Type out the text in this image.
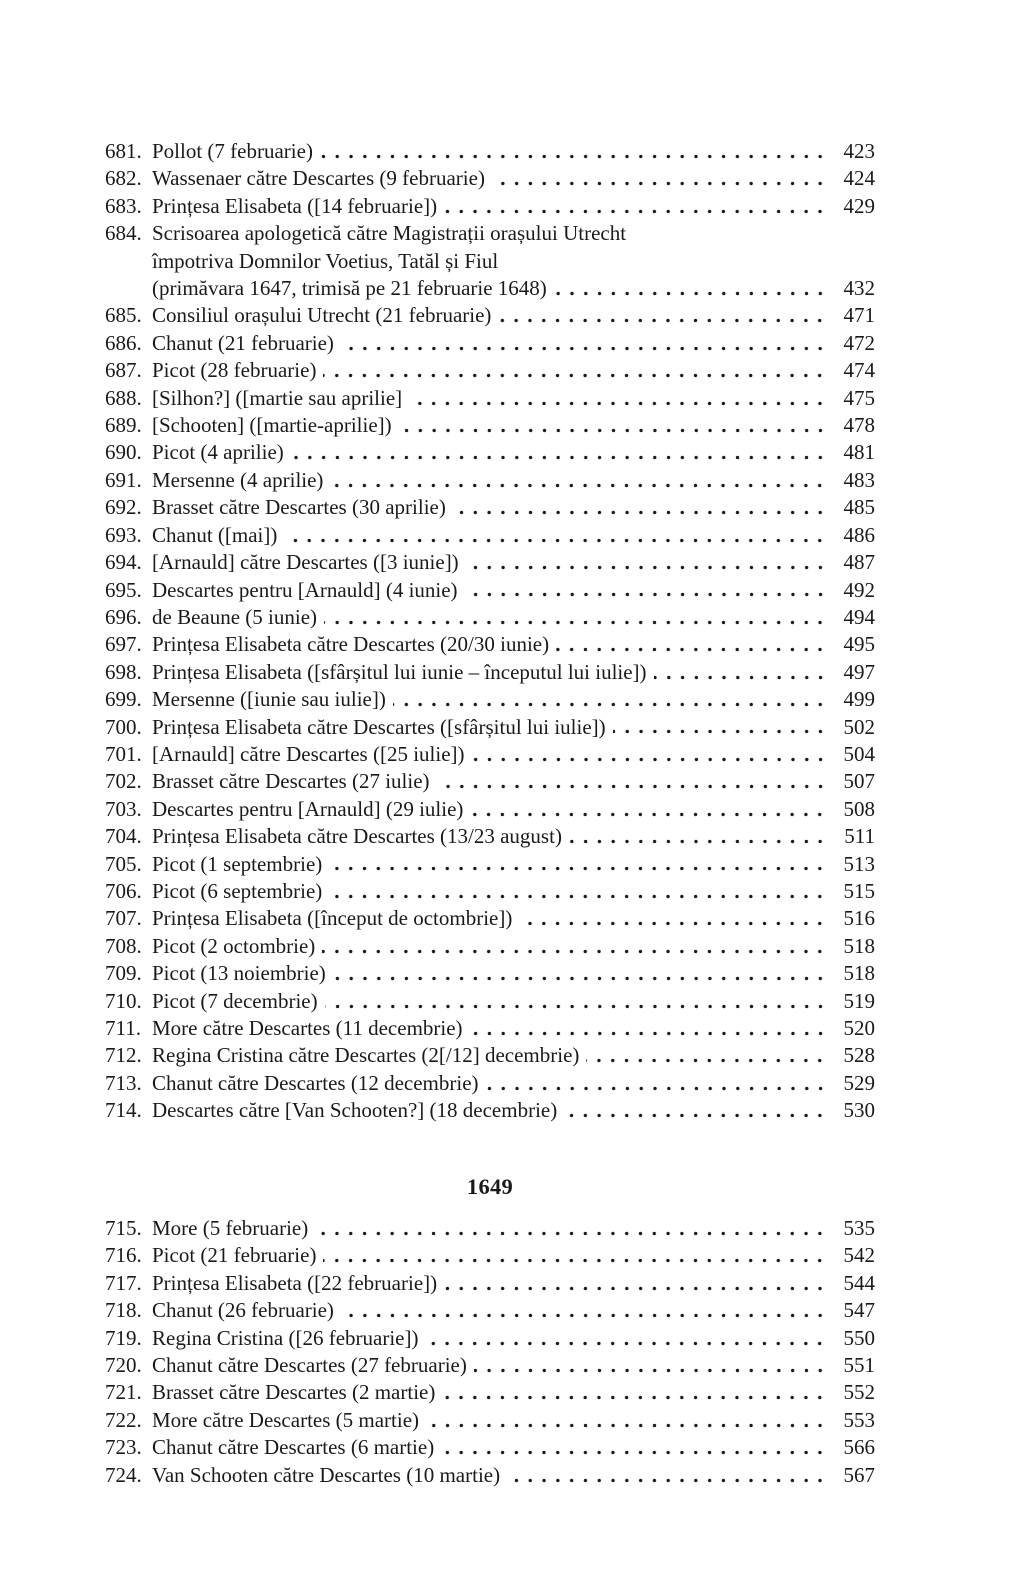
681. Pollot (7 februarie)	423
682. Wassenaer către Descartes (9 februarie)	424
683. Prințesa Elisabeta ([14 februarie])	429
684. Scrisoarea apologetică către Magistrații orașului Utrecht
împotriva Domnilor Voetius, Tatăl și Fiul
(primăvara 1647, trimisă pe 21 februarie 1648)	432
685. Consiliul orașului Utrecht (21 februarie)	471
686. Chanut (21 februarie)	472
687. Picot (28 februarie)	474
688. [Silhon?] ([martie sau aprilie]	475
689. [Schooten] ([martie-aprilie])	478
690. Picot (4 aprilie)	481
691. Mersenne (4 aprilie)	483
692. Brasset către Descartes (30 aprilie)	485
693. Chanut ([mai])	486
694. [Arnauld] către Descartes ([3 iunie])	487
695. Descartes pentru [Arnauld] (4 iunie)	492
696. de Beaune (5 iunie)	494
697. Prințesa Elisabeta către Descartes (20/30 iunie)	495
698. Prințesa Elisabeta ([sfârșitul lui iunie – începutul lui iulie])	497
699. Mersenne ([iunie sau iulie])	499
700. Prințesa Elisabeta către Descartes ([sfârșitul lui iulie])	502
701. [Arnauld] către Descartes ([25 iulie])	504
702. Brasset către Descartes (27 iulie)	507
703. Descartes pentru [Arnauld] (29 iulie)	508
704. Prințesa Elisabeta către Descartes (13/23 august)	511
705. Picot (1 septembrie)	513
706. Picot (6 septembrie)	515
707. Prințesa Elisabeta ([început de octombrie])	516
708. Picot (2 octombrie)	518
709. Picot (13 noiembrie)	518
710. Picot (7 decembrie)	519
711. More către Descartes (11 decembrie)	520
712. Regina Cristina către Descartes (2[/12] decembrie)	528
713. Chanut către Descartes (12 decembrie)	529
714. Descartes către [Van Schooten?] (18 decembrie)	530
1649
715. More (5 februarie)	535
716. Picot (21 februarie)	542
717. Prințesa Elisabeta ([22 februarie])	544
718. Chanut (26 februarie)	547
719. Regina Cristina ([26 februarie])	550
720. Chanut către Descartes (27 februarie)	551
721. Brasset către Descartes (2 martie)	552
722. More către Descartes (5 martie)	553
723. Chanut către Descartes (6 martie)	566
724. Van Schooten către Descartes (10 martie)	567
